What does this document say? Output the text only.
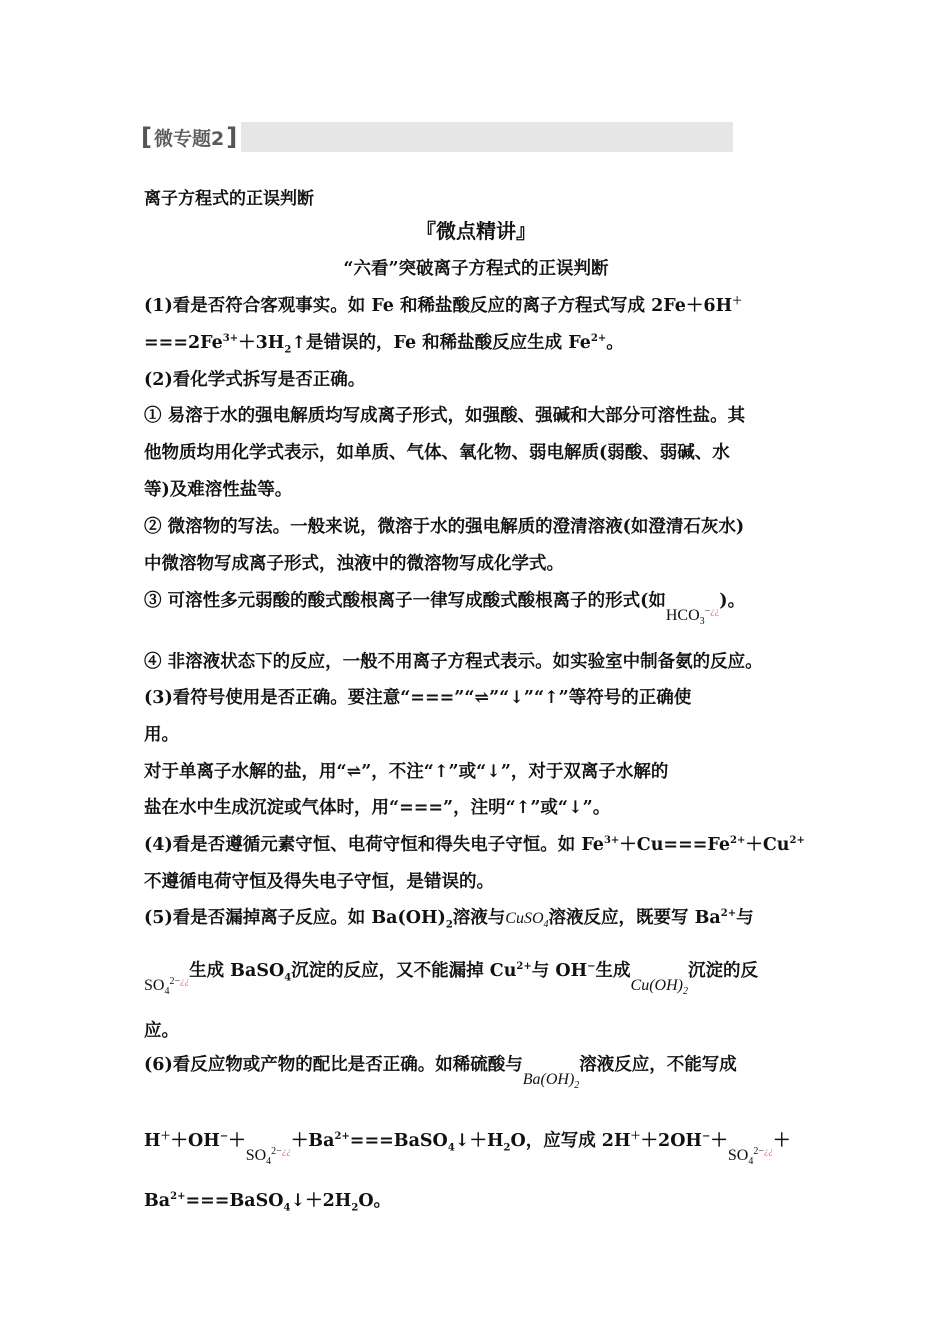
[ 微专题2 ]
离子方程式的正误判断
『微点精讲』
“六看”突破离子方程式的正误判断
(1)看是否符合客观事实。如 Fe 和稀盐酸反应的离子方程式写成 2Fe＋6H＋
$===2Fe^{3+}+3H_2↑$是错误的，Fe 和稀盐酸反应生成 $Fe^{2+}$。
(2)看化学式拆写是否正确。
① 易溶于水的强电解质均写成离子形式，如强酸、强碱和大部分可溶性盐。其
他物质均用化学式表示，如单质、气体、氧化物、弱电解质(弱酸、弱碱、水
等)及难溶性盐等。
② 微溶物的写法。一般来说，微溶于水的强电解质的澄清溶液(如澄清石灰水)
中微溶物写成离子形式，浊液中的微溶物写成化学式。
③ 可溶性多元弱酸的酸式酸根离子一律写成酸式酸根离子的形式(如$HCO_3^{-¿¿}$)。
④ 非溶液状态下的反应，一般不用离子方程式表示。如实验室中制备氨的反应。
(3)看符号使用是否正确。要注意“===”“⇌”“↓”“↑”等符号的正确使
用。
对于单离子水解的盐，用“⇌”，不注“↑”或“↓”，对于双离子水解的
盐在水中生成沉淀或气体时，用“===”，注明“↑”或“↓”。
(4)看是否遵循元素守恒、电荷守恒和得失电子守恒。如 $Fe^{3+}+Cu===Fe^{2+}+Cu^{2+}$
不遵循电荷守恒及得失电子守恒，是错误的。
(5)看是否漏掉离子反应。如 $Ba(OH)_2$溶液与CuSO$_4$溶液反应，既要写 $Ba^{2+}$与
$SO_4^{2-¿¿}$生成 BaSO$_4$沉淀的反应，又不能漏掉 $Cu^{2+}$与 OH−生成$Cu(OH)_2$沉淀的反
应。
(6)看反应物或产物的配比是否正确。如稀硫酸与$Ba(OH)_2$溶液反应，不能写成
$H^++OH^-+SO_4^{2-¿¿}+Ba^{2+}===BaSO_4↓+H_2O$，应写成 $2H^++2OH^-+SO_4^{2-¿¿}+$
$Ba^{2+}===BaSO_4↓+2H_2O$。
